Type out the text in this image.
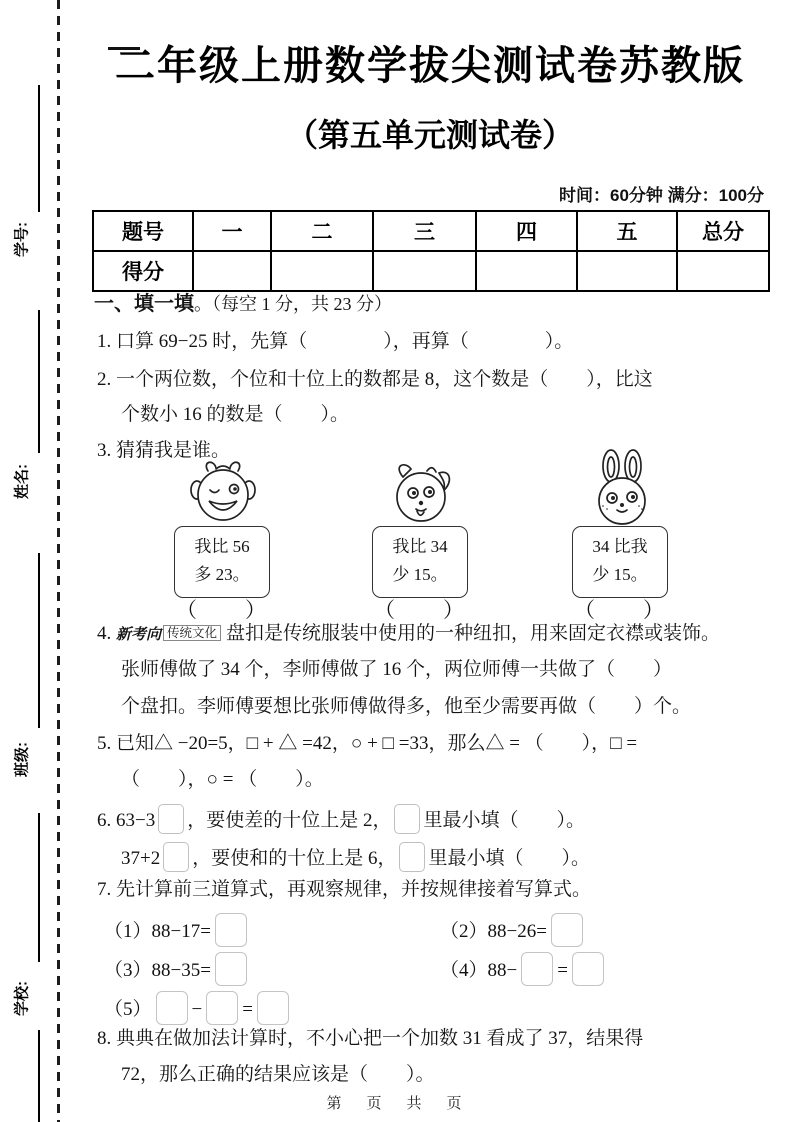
学号:
姓名:
班级:
学校:
二年级上册数学拔尖测试卷苏教版
（第五单元测试卷）
时间：60分钟 满分：100分
题号	一	二	三	四	五	总分
得分						
一、填一填。（每空 1 分，共 23 分）
1. 口算 69−25 时，先算（　　　　），再算（　　　　）。
2. 一个两位数，个位和十位上的数都是 8，这个数是（　　），比这
个数小 16 的数是（　　）。
3. 猜猜我是谁。
我比 56
多 23。
我比 34
少 15。
34 比我
少 15。
（　　）	（　　）	（　　）
4. 新考向 传统文化 盘扣是传统服装中使用的一种纽扣，用来固定衣襟或装饰。
张师傅做了 34 个，李师傅做了 16 个，两位师傅一共做了（　　）
个盘扣。李师傅要想比张师傅做得多，他至少需要再做（　　）个。
5. 已知△ −20=5，□ + △ =42，○ + □ =33，那么△ = （　　），□ =
（　　），○ = （　　）。
6. 63−3 ，要使差的十位上是 2， 里最小填（　　）。
37+2 ，要使和的十位上是 6， 里最小填（　　）。
7. 先计算前三道算式，再观察规律，并按规律接着写算式。
（1）88−17=	（2）88−26=
（3）88−35=	（4）88− =
（5） − =
8. 典典在做加法计算时，不小心把一个加数 31 看成了 37，结果得
72，那么正确的结果应该是（　　）。
第　页　共　页
